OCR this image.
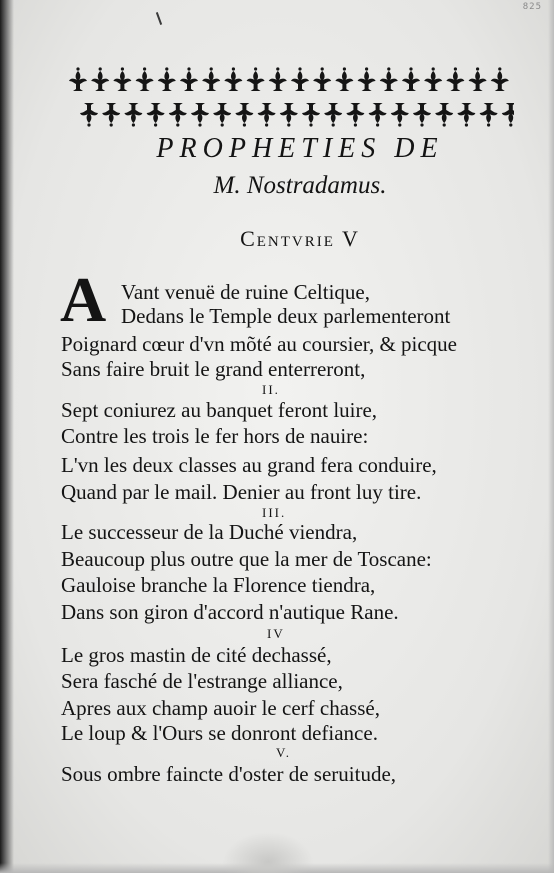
825
PROPHETIES DE
M. Nostradamus.
Centvrie V
A Vant venuë de ruine Celtique,
Dedans le Temple deux parlementeront
Poignard cœur d'vn mõté au coursier, & picque
Sans faire bruit le grand enterreront,
II.
Sept coniurez au banquet feront luire,
Contre les trois le fer hors de nauire:
L'vn les deux classes au grand fera conduire,
Quand par le mail. Denier au front luy tire.
III.
Le successeur de la Duché viendra,
Beaucoup plus outre que la mer de Toscane:
Gauloise branche la Florence tiendra,
Dans son giron d'accord n'autique Rane.
IV
Le gros mastin de cité dechassé,
Sera fasché de l'estrange alliance,
Apres aux champ auoir le cerf chassé,
Le loup & l'Ours se donront defiance.
V.
Sous ombre faincte d'oster de seruitude,
